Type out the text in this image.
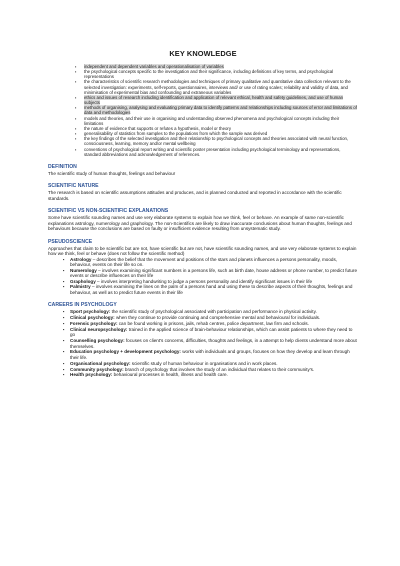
KEY KNOWLEDGE
▪ independent and dependent variables and operationalisation of variables
▪ the psychological concepts specific to the investigation and their significance, including definitions of key terms, and psychological representations
▪ the characteristics of scientific research methodologies and techniques of primary qualitative and quantitative data collection relevant to the selected investigation: experiments, self-reports, questionnaires, interviews and/ or use of rating scales; reliability and validity of data, and minimisation of experimental bias and confounding and extraneous variables
▪ ethics and issues of research including identification and application of relevant ethical, health and safety guidelines, and use of human subjects
▪ methods of organising, analysing and evaluating primary data to identify patterns and relationships including sources of error and limitations of data and methodologies
▪ models and theories, and their use in organising and understanding observed phenomena and psychological concepts including their limitations
▪ the nature of evidence that supports or refutes a hypothesis, model or theory
▪ generalisability of statistics from samples to the populations from which the sample was derived
▪ the key findings of the selected investigation and their relationship to psychological concepts and theories associated with neural function, consciousness, learning, memory and/or mental wellbeing
▪ conventions of psychological report writing and scientific poster presentation including psychological terminology and representations, standard abbreviations and acknowledgement of references.
DEFINITION

The scientific study of human thoughts, feelings and behaviour

SCIENTIFIC NATURE

The research is based on scientific assumptions attitudes and produces, and is planned conducted and reported in accordance with the scientific standards.

SCIENTIFIC VS NON-SCIENTIFIC EXPLANATIONS

Some have scientific sounding names and use very elaborate systems to explain how we think, feel or behave. An example of same non-scientific explanations astrology, numerology and graphology. The non-Scientifics are likely to draw inaccurate conclusions about human thoughts, feelings and behaviours because the conclusions are based on faulty or insufficient evidence resulting from unsystematic study.

PSEUDOSCIENCE

Approaches that claim to be scientific but are not, have scientific but are not, have scientific sounding names, and use very elaborate systems to explain how we think, feel or behave (does not follow the scientific method)

▪ Astrology – describes the belief that the movement and positions of the stars and planets influences a persons personality, moods, behaviour, events on their life so on.
▪ Numerology – involves examining significant numbers in a persons life, such as birth date, house address or phone number, to predict future events or describe influences on their life
▪ Graphology – involves interpreting handwriting to judge a persons personality and identify significant issues in their life
▪ Palmistry – involves examining the lines on the palm of a persons hand and using these to describe aspects of their thoughts, feelings and behaviour, as well as to predict future events in their life
CAREERS IN PSYCHOLOGY
▪ Sport psychology: the scientific study of psychological associated with participation and performance in physical activity.
▪ Clinical psychology: when they continue to provide continuing and comprehensive mental and behavioural for individuals.
▪ Forensic psychology: can be found working in prisons, jails, rehab centres, police department, law firm and schools.
▪ Clinical neuropsychology: trained in the applied science of brain-behaviour relationships, which can assist patients to where they need to go
▪ Counselling psychology: focuses on client's concerns, difficulties, thoughts and feelings, in a attempt to help clients understand more about themselves.
▪ Education psychology + development psychology: works with individuals and groups, focuses on how they develop and learn through their life.
▪ Organisational psychology: scientific study of human behaviour in organisations and in work places.
▪ Community psychology: branch of psychology that involves the study of an individual that relates to their community's.
▪ Health psychology: behavioural processes in health, illness and health care.
